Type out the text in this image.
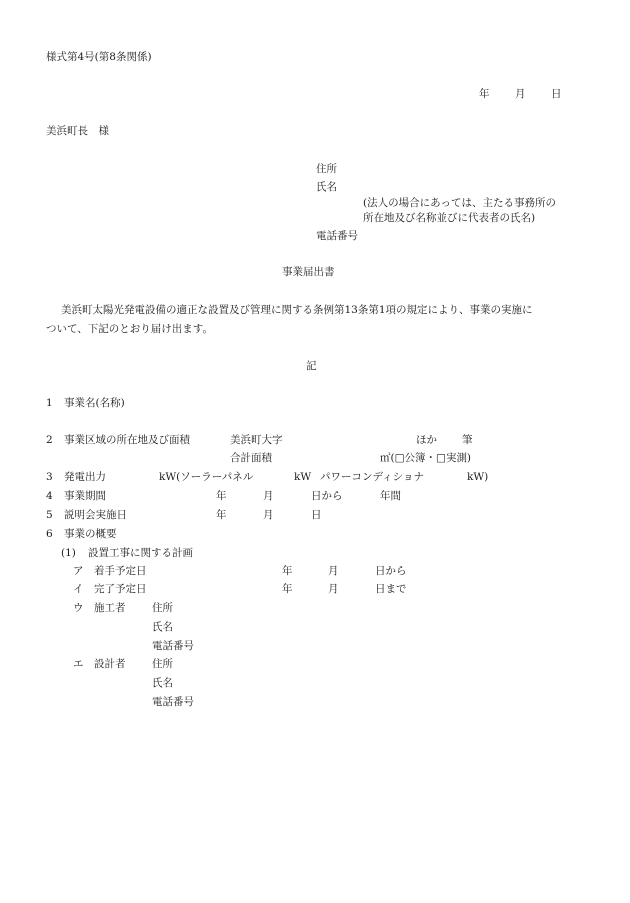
様式第4号(第8条関係)
年 月 日
美浜町長　様
住所
氏名
(法人の場合にあっては、主たる事務所の
所在地及び名称並びに代表者の氏名)
電話番号
事業届出書
美浜町太陽光発電設備の適正な設置及び管理に関する条例第13条第1項の規定により、事業の実施に
ついて、下記のとおり届け出ます。
記
1 事業名(名称)
2 事業区域の所在地及び面積	美浜町大字	ほか 筆
合計面積	㎡(□公簿・□実測)
3 発電出力	kW(ソーラーパネル	kW パワーコンディショナ	kW)
4 事業期間	年	月	日から	年間
5 説明会実施日	年	月	日
6 事業の概要
(1) 設置工事に関する計画
ア 着手予定日	年	月	日から
イ 完了予定日	年	月	日まで
ウ 施工者	住所
氏名
電話番号
エ 設計者	住所
氏名
電話番号
